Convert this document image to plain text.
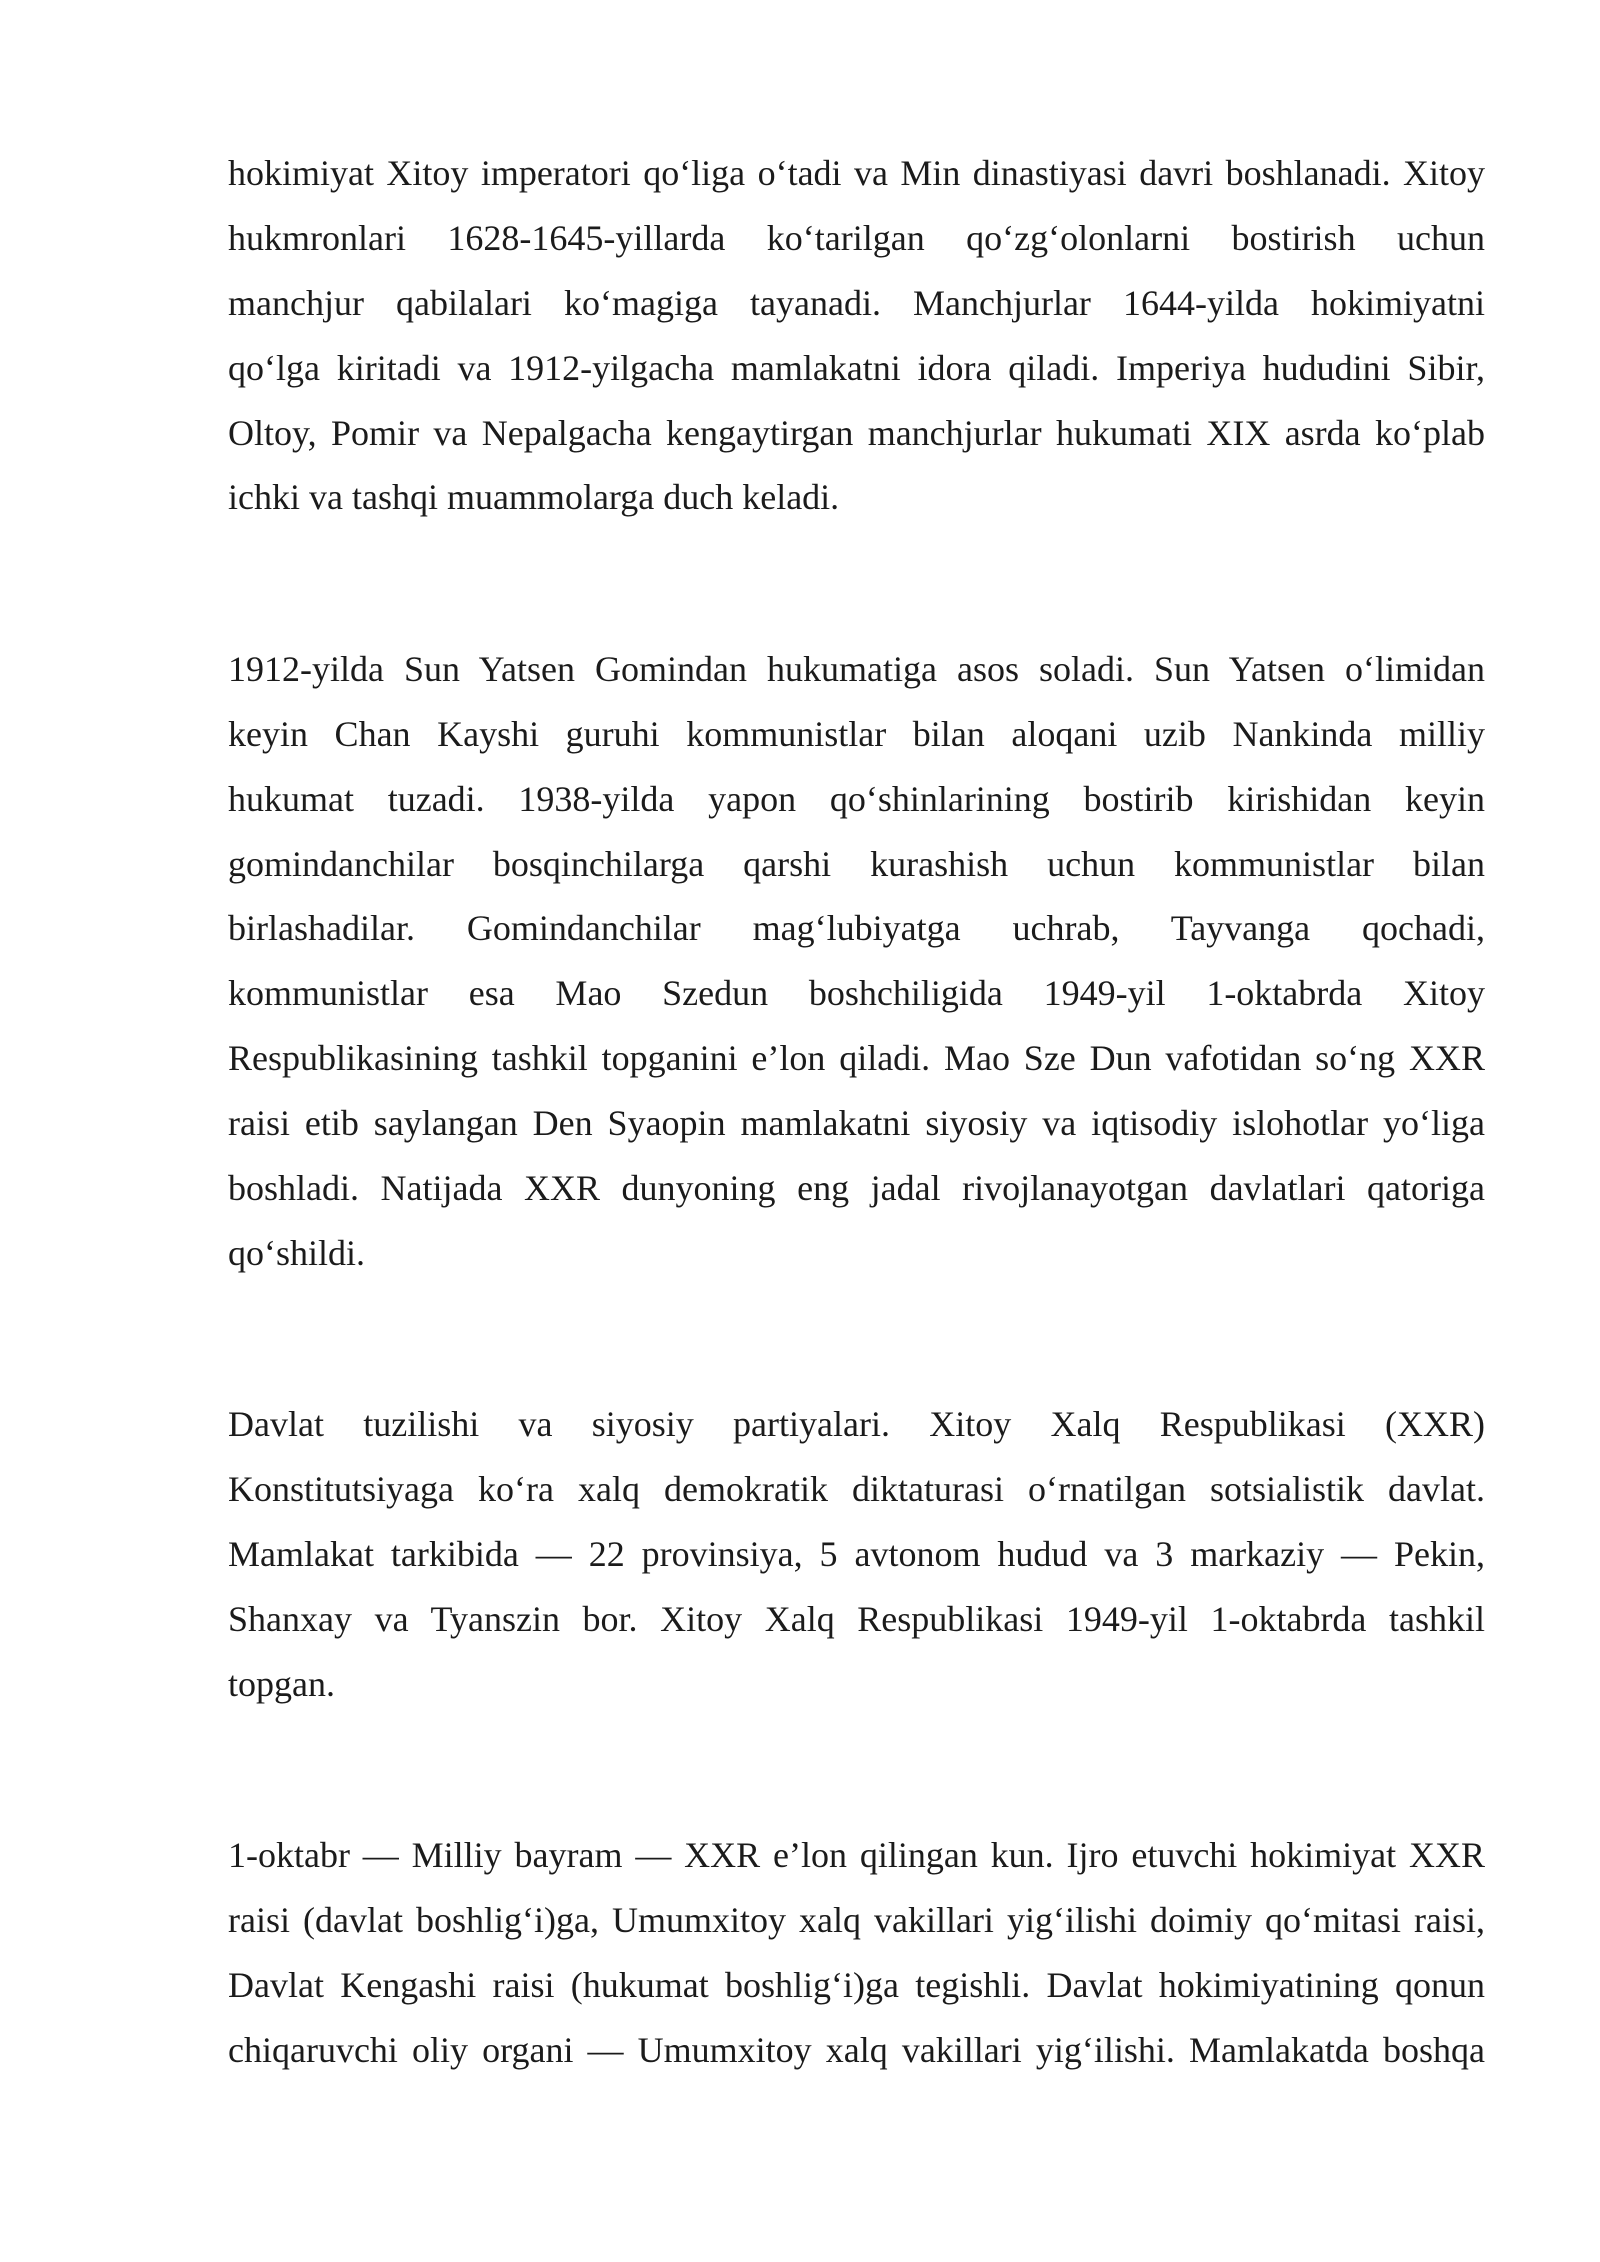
hokimiyat Xitoy imperatori qo‘liga o‘tadi va Min dinastiyasi davri boshlanadi. Xitoy
hukmronlari 1628-1645-yillarda ko‘tarilgan qo‘zg‘olonlarni bostirish uchun
manchjur qabilalari ko‘magiga tayanadi. Manchjurlar 1644-yilda hokimiyatni
qo‘lga kiritadi va 1912-yilgacha mamlakatni idora qiladi. Imperiya hududini Sibir,
Oltoy, Pomir va Nepalgacha kengaytirgan manchjurlar hukumati XIX asrda ko‘plab
ichki va tashqi muammolarga duch keladi.
1912-yilda Sun Yatsen Gomindan hukumatiga asos soladi. Sun Yatsen o‘limidan
keyin Chan Kayshi guruhi kommunistlar bilan aloqani uzib Nankinda milliy
hukumat tuzadi. 1938-yilda yapon qo‘shinlarining bostirib kirishidan keyin
gomindanchilar bosqinchilarga qarshi kurashish uchun kommunistlar bilan
birlashadilar. Gomindanchilar mag‘lubiyatga uchrab, Tayvanga qochadi,
kommunistlar esa Mao Szedun boshchiligida 1949-yil 1-oktabrda Xitoy
Respublikasining tashkil topganini e’lon qiladi. Mao Sze Dun vafotidan so‘ng XXR
raisi etib saylangan Den Syaopin mamlakatni siyosiy va iqtisodiy islohotlar yo‘liga
boshladi. Natijada XXR dunyoning eng jadal rivojlanayotgan davlatlari qatoriga
qo‘shildi.
Davlat tuzilishi va siyosiy partiyalari. Xitoy Xalq Respublikasi (XXR)
Konstitutsiyaga ko‘ra xalq demokratik diktaturasi o‘rnatilgan sotsialistik davlat.
Mamlakat tarkibida — 22 provinsiya, 5 avtonom hudud va 3 markaziy — Pekin,
Shanxay va Tyanszin bor. Xitoy Xalq Respublikasi 1949-yil 1-oktabrda tashkil
topgan.
1-oktabr — Milliy bayram — XXR e’lon qilingan kun. Ijro etuvchi hokimiyat XXR
raisi (davlat boshlig‘i)ga, Umumxitoy xalq vakillari yig‘ilishi doimiy qo‘mitasi raisi,
Davlat Kengashi raisi (hukumat boshlig‘i)ga tegishli. Davlat hokimiyatining qonun
chiqaruvchi oliy organi — Umumxitoy xalq vakillari yig‘ilishi. Mamlakatda boshqa
